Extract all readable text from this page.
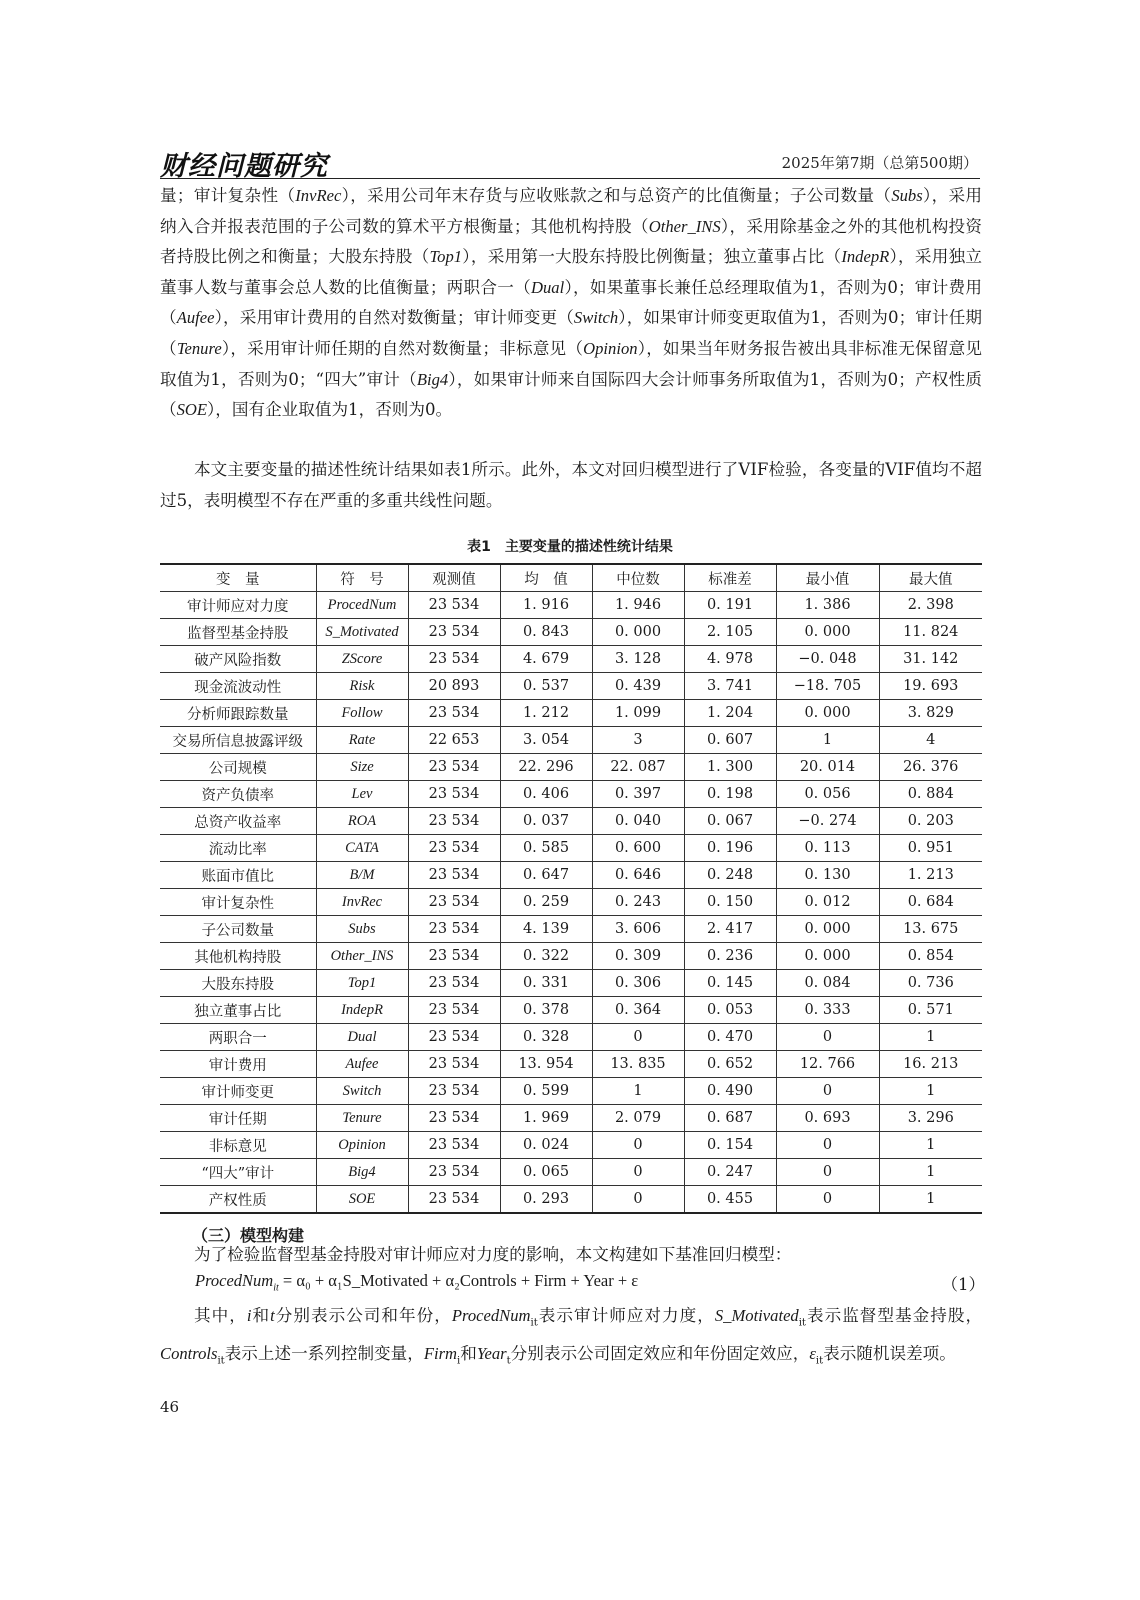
财经问题研究	2025年第7期（总第500期）

量；审计复杂性（InvRec），采用公司年末存货与应收账款之和与总资产的比值衡量；子公司数量（Subs），采用纳入合并报表范围的子公司数的算术平方根衡量；其他机构持股（Other_INS），采用除基金之外的其他机构投资者持股比例之和衡量；大股东持股（Top1），采用第一大股东持股比例衡量；独立董事占比（IndepR），采用独立董事人数与董事会总人数的比值衡量；两职合一（Dual），如果董事长兼任总经理取值为1，否则为0；审计费用（Aufee），采用审计费用的自然对数衡量；审计师变更（Switch），如果审计师变更取值为1，否则为0；审计任期（Tenure），采用审计师任期的自然对数衡量；非标意见（Opinion），如果当年财务报告被出具非标准无保留意见取值为1，否则为0；“四大”审计（Big4），如果审计师来自国际四大会计师事务所取值为1，否则为0；产权性质（SOE），国有企业取值为1，否则为0。

本文主要变量的描述性统计结果如表1所示。此外，本文对回归模型进行了VIF检验，各变量的VIF值均不超过5，表明模型不存在严重的多重共线性问题。

表1　主要变量的描述性统计结果
变　量	符　号	观测值	均　值	中位数	标准差	最小值	最大值
审计师应对力度	ProcedNum	23 534	1. 916	1. 946	0. 191	1. 386	2. 398
监督型基金持股	S_Motivated	23 534	0. 843	0. 000	2. 105	0. 000	11. 824
破产风险指数	ZScore	23 534	4. 679	3. 128	4. 978	−0. 048	31. 142
现金流波动性	Risk	20 893	0. 537	0. 439	3. 741	−18. 705	19. 693
分析师跟踪数量	Follow	23 534	1. 212	1. 099	1. 204	0. 000	3. 829
交易所信息披露评级	Rate	22 653	3. 054	3	0. 607	1	4
公司规模	Size	23 534	22. 296	22. 087	1. 300	20. 014	26. 376
资产负债率	Lev	23 534	0. 406	0. 397	0. 198	0. 056	0. 884
总资产收益率	ROA	23 534	0. 037	0. 040	0. 067	−0. 274	0. 203
流动比率	CATA	23 534	0. 585	0. 600	0. 196	0. 113	0. 951
账面市值比	B/M	23 534	0. 647	0. 646	0. 248	0. 130	1. 213
审计复杂性	InvRec	23 534	0. 259	0. 243	0. 150	0. 012	0. 684
子公司数量	Subs	23 534	4. 139	3. 606	2. 417	0. 000	13. 675
其他机构持股	Other_INS	23 534	0. 322	0. 309	0. 236	0. 000	0. 854
大股东持股	Top1	23 534	0. 331	0. 306	0. 145	0. 084	0. 736
独立董事占比	IndepR	23 534	0. 378	0. 364	0. 053	0. 333	0. 571
两职合一	Dual	23 534	0. 328	0	0. 470	0	1
审计费用	Aufee	23 534	13. 954	13. 835	0. 652	12. 766	16. 213
审计师变更	Switch	23 534	0. 599	1	0. 490	0	1
审计任期	Tenure	23 534	1. 969	2. 079	0. 687	0. 693	3. 296
非标意见	Opinion	23 534	0. 024	0	0. 154	0	1
“四大”审计	Big4	23 534	0. 065	0	0. 247	0	1
产权性质	SOE	23 534	0. 293	0	0. 455	0	1
（三）模型构建

为了检验监督型基金持股对审计师应对力度的影响，本文构建如下基准回归模型：

ProcedNum$_{it}$ = α₀ + α₁S_Motivated + α₂Controls + Firm + Year + ε	（1）

其中，i和t分别表示公司和年份，ProcedNum$_{it}$表示审计师应对力度，S_Motivated$_{it}$表示监督型基金持股，Controls$_{it}$表示上述一系列控制变量，Firm$_i$和Year$_t$分别表示公司固定效应和年份固定效应，$\varepsilon_{it}$表示随机误差项。

46
